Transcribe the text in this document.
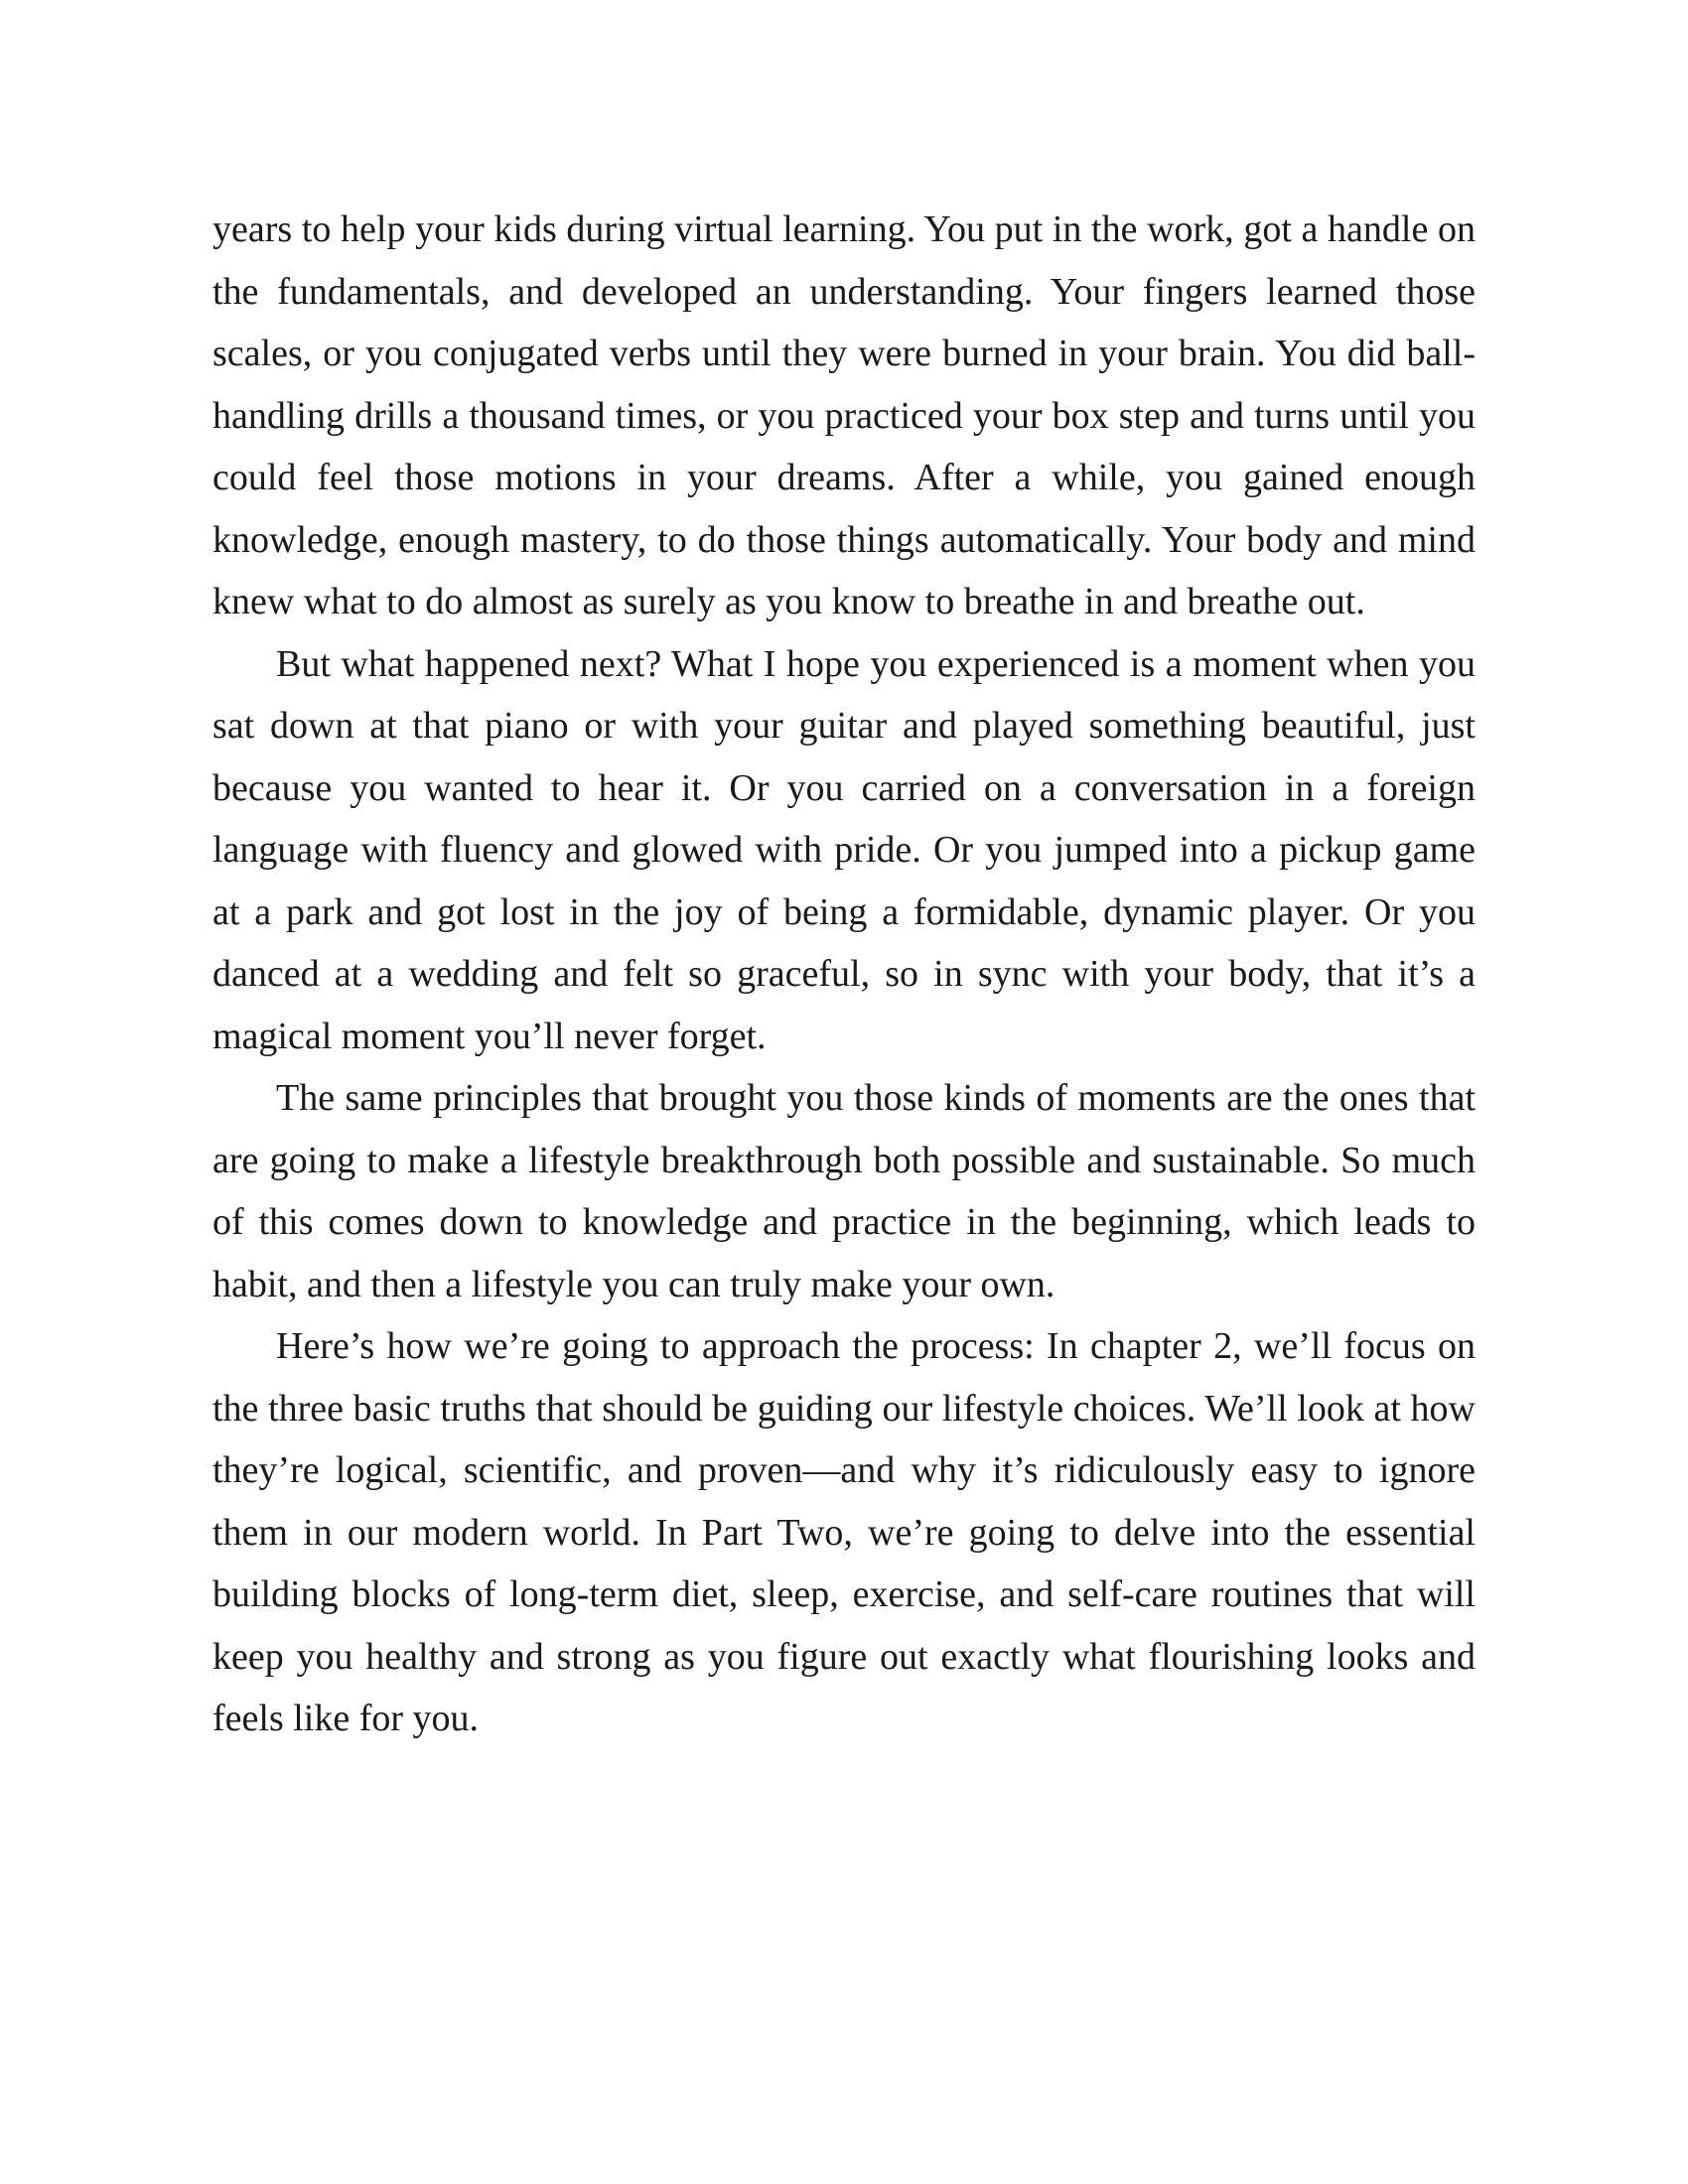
years to help your kids during virtual learning. You put in the work, got a handle on the fundamentals, and developed an understanding. Your fingers learned those scales, or you conjugated verbs until they were burned in your brain. You did ball-handling drills a thousand times, or you practiced your box step and turns until you could feel those motions in your dreams. After a while, you gained enough knowledge, enough mastery, to do those things automatically. Your body and mind knew what to do almost as surely as you know to breathe in and breathe out.

But what happened next? What I hope you experienced is a moment when you sat down at that piano or with your guitar and played something beautiful, just because you wanted to hear it. Or you carried on a conversation in a foreign language with fluency and glowed with pride. Or you jumped into a pickup game at a park and got lost in the joy of being a formidable, dynamic player. Or you danced at a wedding and felt so graceful, so in sync with your body, that it’s a magical moment you’ll never forget.

The same principles that brought you those kinds of moments are the ones that are going to make a lifestyle breakthrough both possible and sustainable. So much of this comes down to knowledge and practice in the beginning, which leads to habit, and then a lifestyle you can truly make your own.

Here’s how we’re going to approach the process: In chapter 2, we’ll focus on the three basic truths that should be guiding our lifestyle choices. We’ll look at how they’re logical, scientific, and proven—and why it’s ridiculously easy to ignore them in our modern world. In Part Two, we’re going to delve into the essential building blocks of long-term diet, sleep, exercise, and self-care routines that will keep you healthy and strong as you figure out exactly what flourishing looks and feels like for you.
